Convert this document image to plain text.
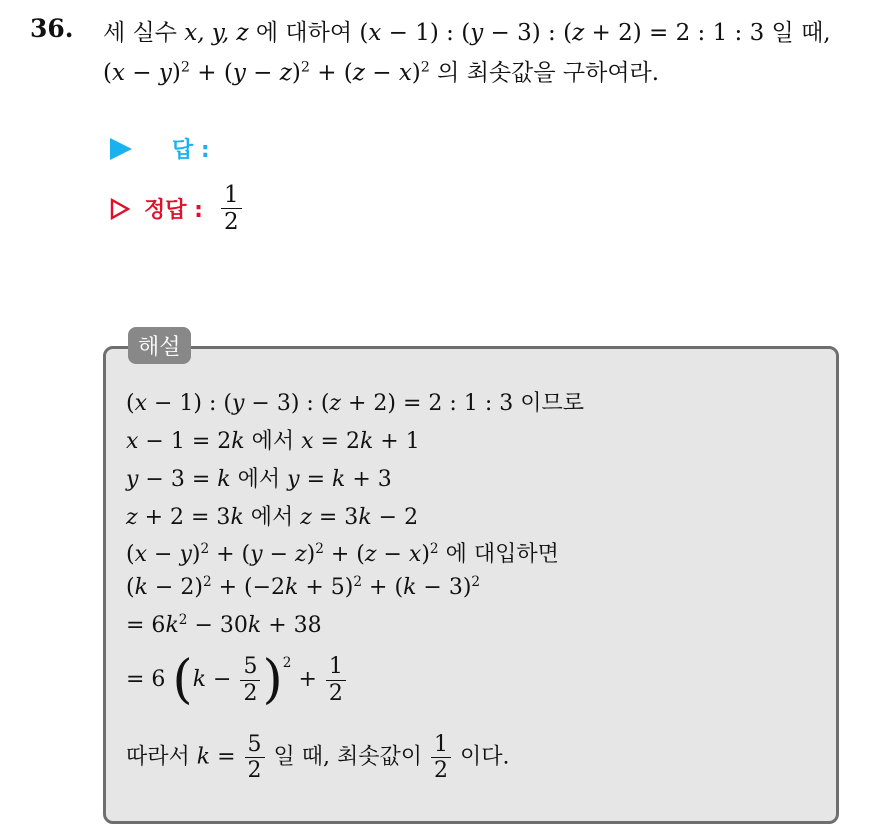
36. 세 실수 x, y, z 에 대하여 (x − 1) : (y − 3) : (z + 2) = 2 : 1 : 3 일 때,
$(x - y)^2 + (y - z)^2 + (z - x)^2$ 의 최솟값을 구하여라.
답 :
정답 : $\frac{1}{2}$
해설
(x − 1) : (y − 3) : (z + 2) = 2 : 1 : 3 이므로
x − 1 = 2k 에서 x = 2k + 1
y − 3 = k 에서 y = k + 3
z + 2 = 3k 에서 z = 3k − 2
$(x - y)^2 + (y - z)^2 + (z - x)^2$ 에 대입하면
$(k - 2)^2 + (-2k + 5)^2 + (k - 3)^2$
= $6k^2 - 30k + 38$
= 6 $(k - \frac{5}{2} )^2 + \frac{1}{2}$
따라서 $k = \frac{5}{2}$ 일 때, 최솟값이 $\frac{1}{2}$ 이다.
